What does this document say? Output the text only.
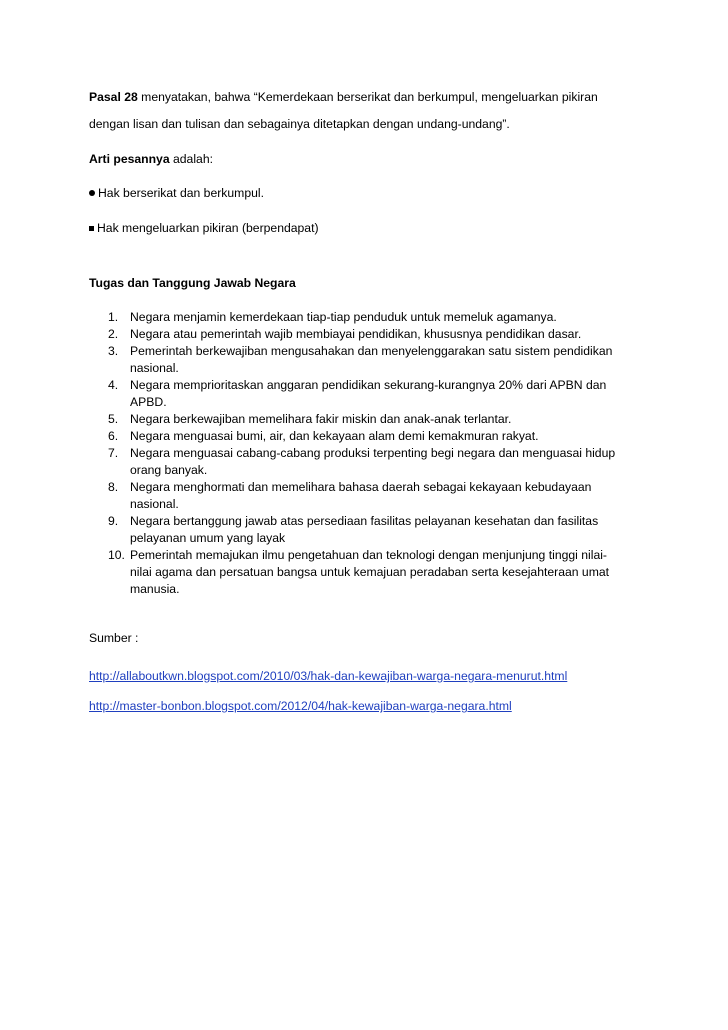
Pasal 28 menyatakan, bahwa “Kemerdekaan berserikat dan berkumpul, mengeluarkan pikiran
dengan lisan dan tulisan dan sebagainya ditetapkan dengan undang-undang”.
Arti pesannya adalah:
Hak berserikat dan berkumpul.
Hak mengeluarkan pikiran (berpendapat)
Tugas dan Tanggung Jawab Negara
1. Negara menjamin kemerdekaan tiap-tiap penduduk untuk memeluk agamanya.
2. Negara atau pemerintah wajib membiayai pendidikan, khususnya pendidikan dasar.
3. Pemerintah berkewajiban mengusahakan dan menyelenggarakan satu sistem pendidikan
nasional.
4. Negara memprioritaskan anggaran pendidikan sekurang-kurangnya 20% dari APBN dan
APBD.
5. Negara berkewajiban memelihara fakir miskin dan anak-anak terlantar.
6. Negara menguasai bumi, air, dan kekayaan alam demi kemakmuran rakyat.
7. Negara menguasai cabang-cabang produksi terpenting begi negara dan menguasai hidup
orang banyak.
8. Negara menghormati dan memelihara bahasa daerah sebagai kekayaan kebudayaan
nasional.
9. Negara bertanggung jawab atas persediaan fasilitas pelayanan kesehatan dan fasilitas
pelayanan umum yang layak
10. Pemerintah memajukan ilmu pengetahuan dan teknologi dengan menjunjung tinggi nilai-
nilai agama dan persatuan bangsa untuk kemajuan peradaban serta kesejahteraan umat
manusia.
Sumber :
http://allaboutkwn.blogspot.com/2010/03/hak-dan-kewajiban-warga-negara-menurut.html
http://master-bonbon.blogspot.com/2012/04/hak-kewajiban-warga-negara.html
